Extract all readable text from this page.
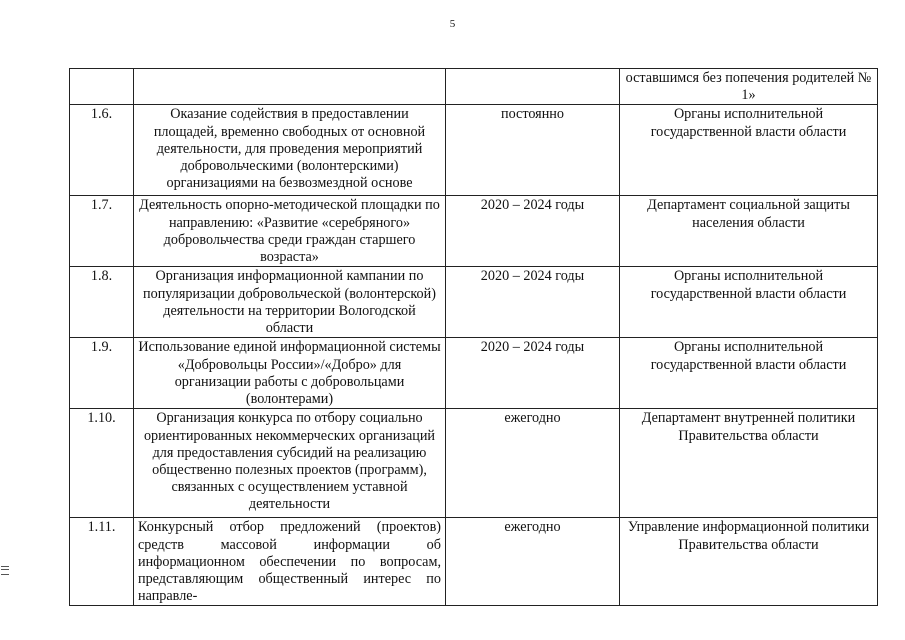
5
			оставшимся без попечения родителей № 1»
1.6.	Оказание содействия в предоставлении площадей, временно свободных от основной деятельности, для проведения мероприятий добровольческими (волонтерскими) организациями на безвозмездной основе	постоянно	Органы исполнительной государственной власти области
1.7.	Деятельность опорно-методической площадки по направлению: «Развитие «серебряного» добровольчества среди граждан старшего возраста»	2020 – 2024 годы	Департамент социальной защиты населения области
1.8.	Организация информационной кампании по популяризации добровольческой (волонтерской) деятельности на территории Вологодской области	2020 – 2024 годы	Органы исполнительной государственной власти области
1.9.	Использование единой информационной системы «Добровольцы России»/«Добро» для организации работы с добровольцами (волонтерами)	2020 – 2024 годы	Органы исполнительной государственной власти области
1.10.	Организация конкурса по отбору социально ориентированных некоммерческих организаций для предоставления субсидий на реализацию общественно полезных проектов (программ), связанных с осуществлением уставной деятельности	ежегодно	Департамент внутренней политики Правительства области
1.11.	Конкурсный отбор предложений (проектов) средств массовой информации об информационном обеспечении по вопросам, представляющим общественный интерес по направле-	ежегодно	Управление информационной политики Правительства области
